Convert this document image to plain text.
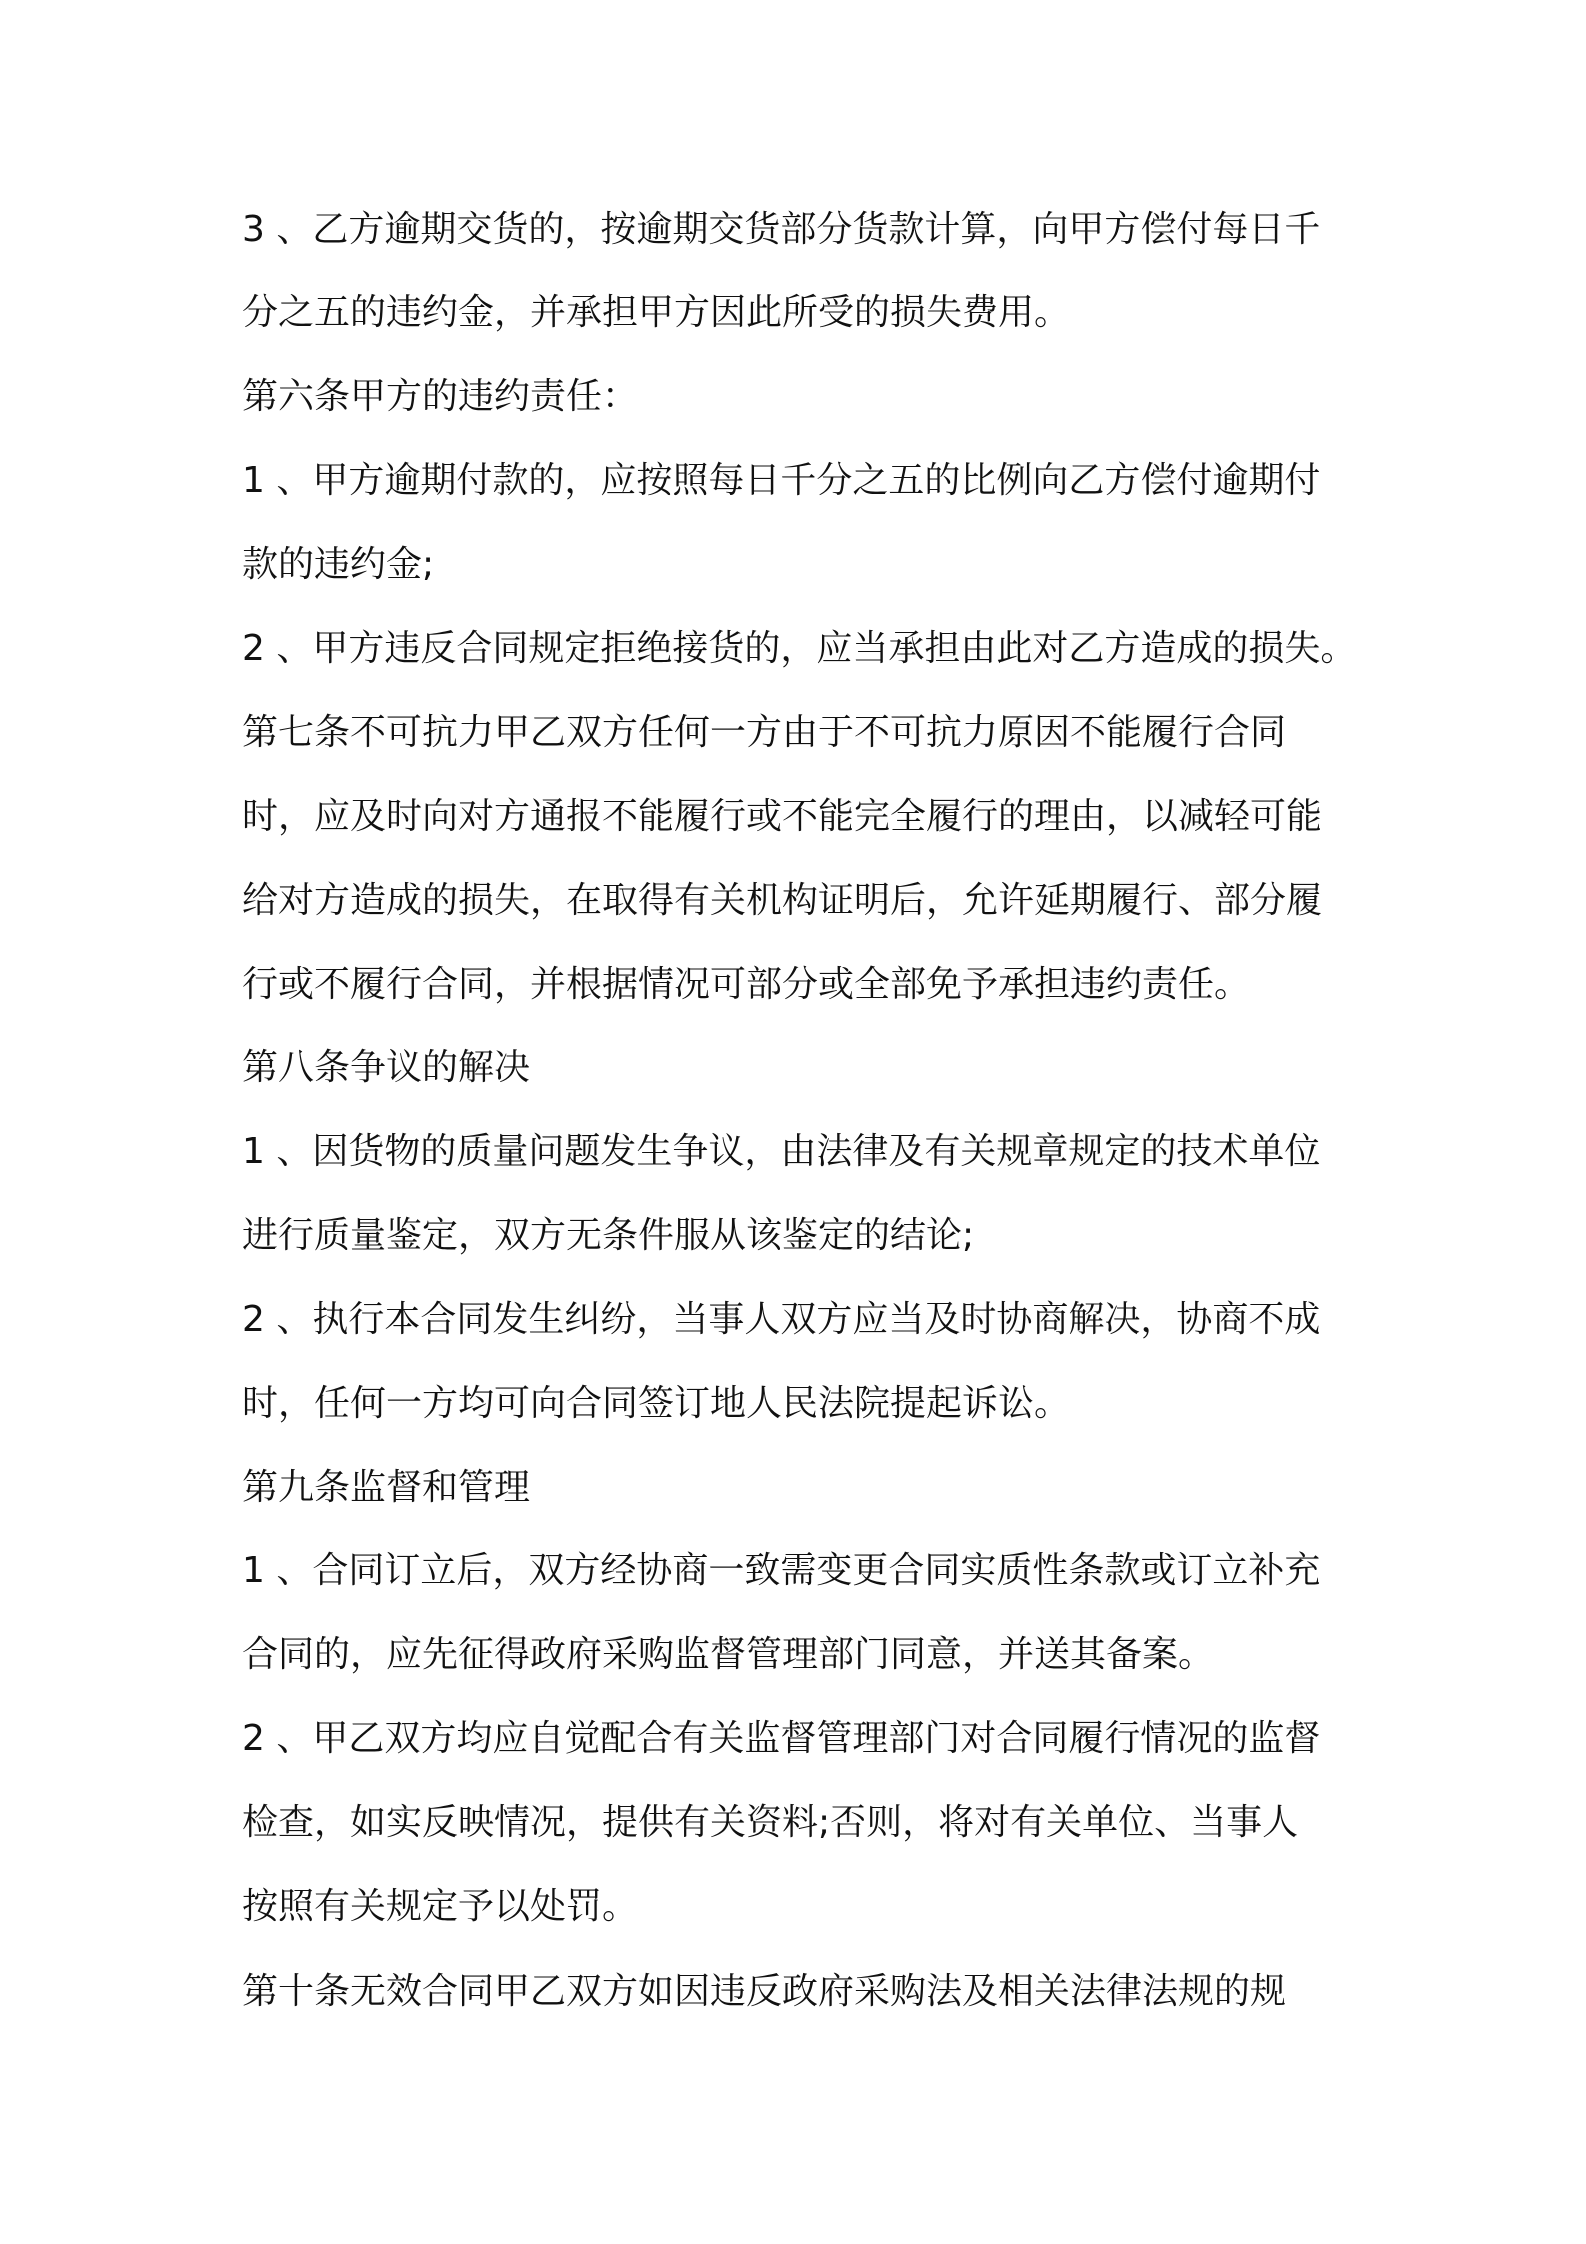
3 、乙方逾期交货的，按逾期交货部分货款计算，向甲方偿付每日千
分之五的违约金，并承担甲方因此所受的损失费用。
第六条甲方的违约责任：
1 、甲方逾期付款的，应按照每日千分之五的比例向乙方偿付逾期付
款的违约金;
2 、甲方违反合同规定拒绝接货的，应当承担由此对乙方造成的损失。
第七条不可抗力甲乙双方任何一方由于不可抗力原因不能履行合同
时，应及时向对方通报不能履行或不能完全履行的理由，以减轻可能
给对方造成的损失，在取得有关机构证明后，允许延期履行、部分履
行或不履行合同，并根据情况可部分或全部免予承担违约责任。
第八条争议的解决
1 、因货物的质量问题发生争议，由法律及有关规章规定的技术单位
进行质量鉴定，双方无条件服从该鉴定的结论;
2 、执行本合同发生纠纷，当事人双方应当及时协商解决，协商不成
时，任何一方均可向合同签订地人民法院提起诉讼。
第九条监督和管理
1 、合同订立后，双方经协商一致需变更合同实质性条款或订立补充
合同的，应先征得政府采购监督管理部门同意，并送其备案。
2 、甲乙双方均应自觉配合有关监督管理部门对合同履行情况的监督
检查，如实反映情况，提供有关资料;否则，将对有关单位、当事人
按照有关规定予以处罚。
第十条无效合同甲乙双方如因违反政府采购法及相关法律法规的规
